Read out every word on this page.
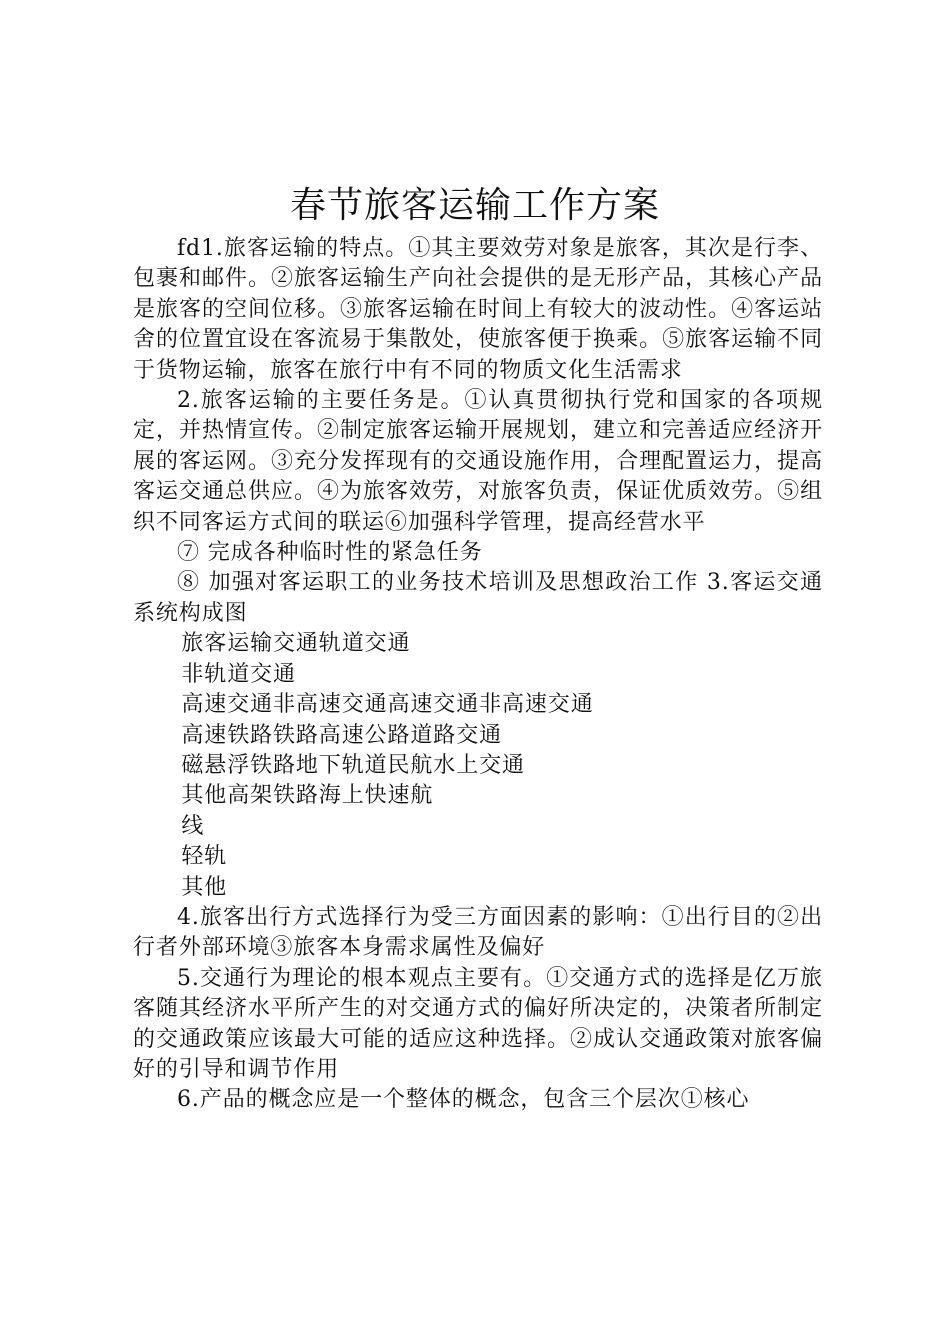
春节旅客运输工作方案

fd1.旅客运输的特点。①其主要效劳对象是旅客，其次是行李、包裹和邮件。②旅客运输生产向社会提供的是无形产品，其核心产品是旅客的空间位移。③旅客运输在时间上有较大的波动性。④客运站舍的位置宜设在客流易于集散处，使旅客便于换乘。⑤旅客运输不同于货物运输，旅客在旅行中有不同的物质文化生活需求

2.旅客运输的主要任务是。①认真贯彻执行党和国家的各项规定，并热情宣传。②制定旅客运输开展规划，建立和完善适应经济开展的客运网。③充分发挥现有的交通设施作用，合理配置运力，提高客运交通总供应。④为旅客效劳，对旅客负责，保证优质效劳。⑤组织不同客运方式间的联运⑥加强科学管理，提高经营水平

⑦ 完成各种临时性的紧急任务

⑧ 加强对客运职工的业务技术培训及思想政治工作 3.客运交通系统构成图

旅客运输交通轨道交通

非轨道交通

高速交通非高速交通高速交通非高速交通

高速铁路铁路高速公路道路交通

磁悬浮铁路地下轨道民航水上交通

其他高架铁路海上快速航

线

轻轨

其他

4.旅客出行方式选择行为受三方面因素的影响：①出行目的②出行者外部环境③旅客本身需求属性及偏好

5.交通行为理论的根本观点主要有。①交通方式的选择是亿万旅客随其经济水平所产生的对交通方式的偏好所决定的，决策者所制定的交通政策应该最大可能的适应这种选择。②成认交通政策对旅客偏好的引导和调节作用

6.产品的概念应是一个整体的概念，包含三个层次①核心
